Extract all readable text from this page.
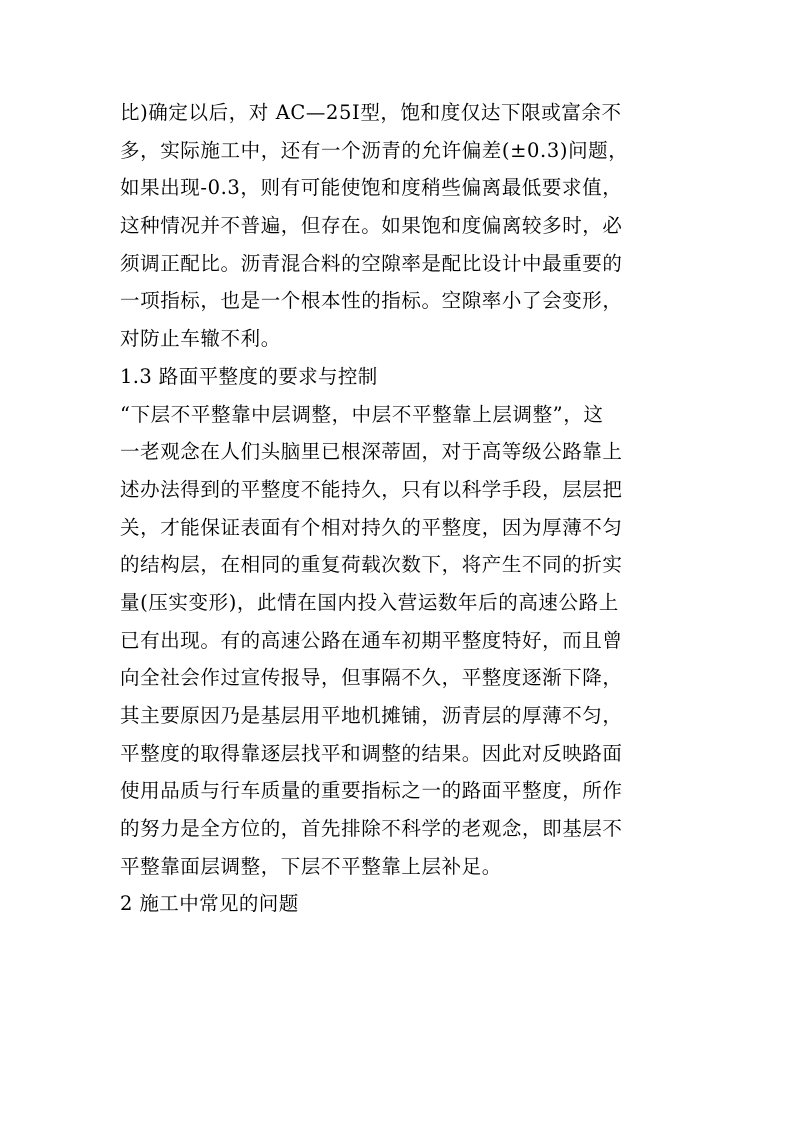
比)确定以后，对 AC—25Ⅰ型，饱和度仅达下限或富余不
多，实际施工中，还有一个沥青的允许偏差(±0.3)问题，
如果出现-0.3，则有可能使饱和度稍些偏离最低要求值，
这种情况并不普遍，但存在。如果饱和度偏离较多时，必
须调正配比。沥青混合料的空隙率是配比设计中最重要的
一项指标，也是一个根本性的指标。空隙率小了会变形，
对防止车辙不利。
1.3 路面平整度的要求与控制
“下层不平整靠中层调整，中层不平整靠上层调整”，这
一老观念在人们头脑里已根深蒂固，对于高等级公路靠上
述办法得到的平整度不能持久，只有以科学手段，层层把
关，才能保证表面有个相对持久的平整度，因为厚薄不匀
的结构层，在相同的重复荷载次数下，将产生不同的折实
量(压实变形)，此情在国内投入营运数年后的高速公路上
已有出现。有的高速公路在通车初期平整度特好，而且曾
向全社会作过宣传报导，但事隔不久，平整度逐渐下降，
其主要原因乃是基层用平地机摊铺，沥青层的厚薄不匀，
平整度的取得靠逐层找平和调整的结果。因此对反映路面
使用品质与行车质量的重要指标之一的路面平整度，所作
的努力是全方位的，首先排除不科学的老观念，即基层不
平整靠面层调整，下层不平整靠上层补足。
2 施工中常见的问题
